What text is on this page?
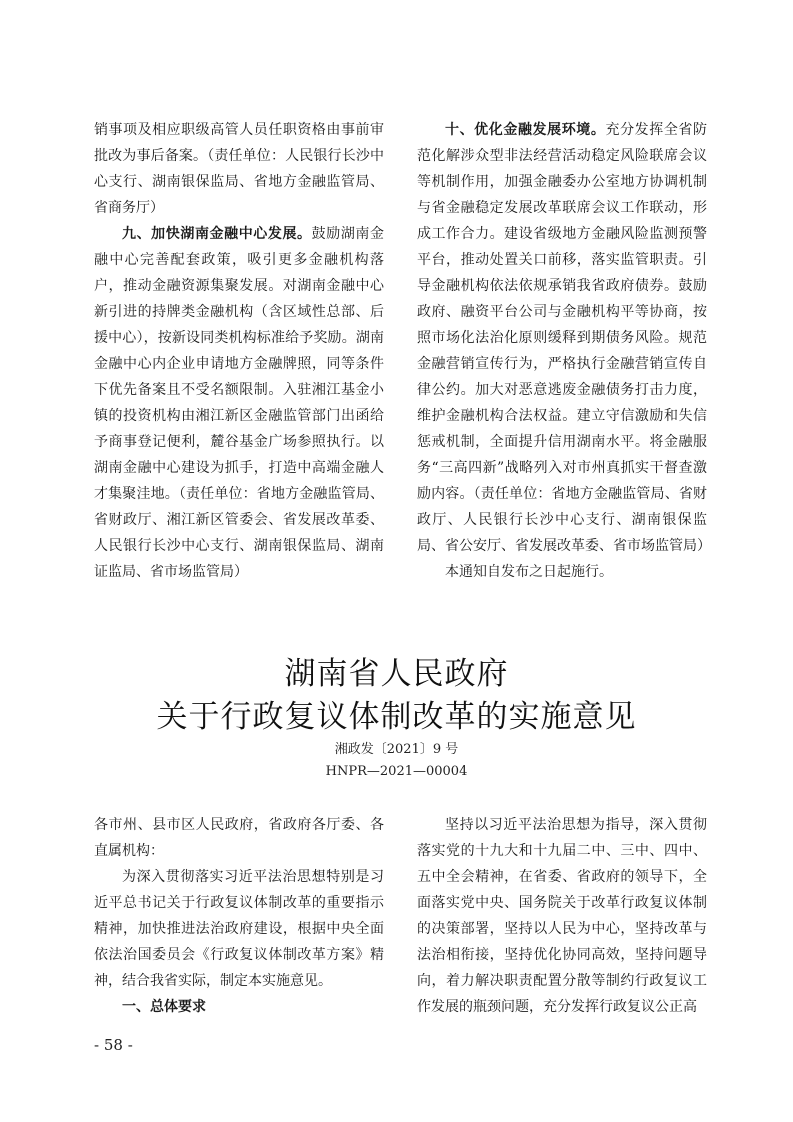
销事项及相应职级高管人员任职资格由事前审批改为事后备案。（责任单位：人民银行长沙中心支行、湖南银保监局、省地方金融监管局、省商务厅）

九、加快湖南金融中心发展。鼓励湖南金融中心完善配套政策，吸引更多金融机构落户，推动金融资源集聚发展。对湖南金融中心新引进的持牌类金融机构（含区域性总部、后援中心），按新设同类机构标准给予奖励。湖南金融中心内企业申请地方金融牌照，同等条件下优先备案且不受名额限制。入驻湘江基金小镇的投资机构由湘江新区金融监管部门出函给予商事登记便利，麓谷基金广场参照执行。以湖南金融中心建设为抓手，打造中高端金融人才集聚洼地。（责任单位：省地方金融监管局、省财政厅、湘江新区管委会、省发展改革委、人民银行长沙中心支行、湖南银保监局、湖南证监局、省市场监管局）

十、优化金融发展环境。充分发挥全省防范化解涉众型非法经营活动稳定风险联席会议等机制作用，加强金融委办公室地方协调机制与省金融稳定发展改革联席会议工作联动，形成工作合力。建设省级地方金融风险监测预警平台，推动处置关口前移，落实监管职责。引导金融机构依法依规承销我省政府债券。鼓励政府、融资平台公司与金融机构平等协商，按照市场化法治化原则缓释到期债务风险。规范金融营销宣传行为，严格执行金融营销宣传自律公约。加大对恶意逃废金融债务打击力度，维护金融机构合法权益。建立守信激励和失信惩戒机制，全面提升信用湖南水平。将金融服务“三高四新”战略列入对市州真抓实干督查激励内容。（责任单位：省地方金融监管局、省财政厅、人民银行长沙中心支行、湖南银保监局、省公安厅、省发展改革委、省市场监管局）

本通知自发布之日起施行。

湖南省人民政府
关于行政复议体制改革的实施意见
湘政发〔2021〕9 号
HNPR—2021—00004

各市州、县市区人民政府，省政府各厅委、各直属机构：

为深入贯彻落实习近平法治思想特别是习近平总书记关于行政复议体制改革的重要指示精神，加快推进法治政府建设，根据中央全面依法治国委员会《行政复议体制改革方案》精神，结合我省实际，制定本实施意见。

一、总体要求

坚持以习近平法治思想为指导，深入贯彻落实党的十九大和十九届二中、三中、四中、五中全会精神，在省委、省政府的领导下，全面落实党中央、国务院关于改革行政复议体制的决策部署，坚持以人民为中心，坚持改革与法治相衔接，坚持优化协同高效，坚持问题导向，着力解决职责配置分散等制约行政复议工作发展的瓶颈问题，充分发挥行政复议公正高

- 58 -
